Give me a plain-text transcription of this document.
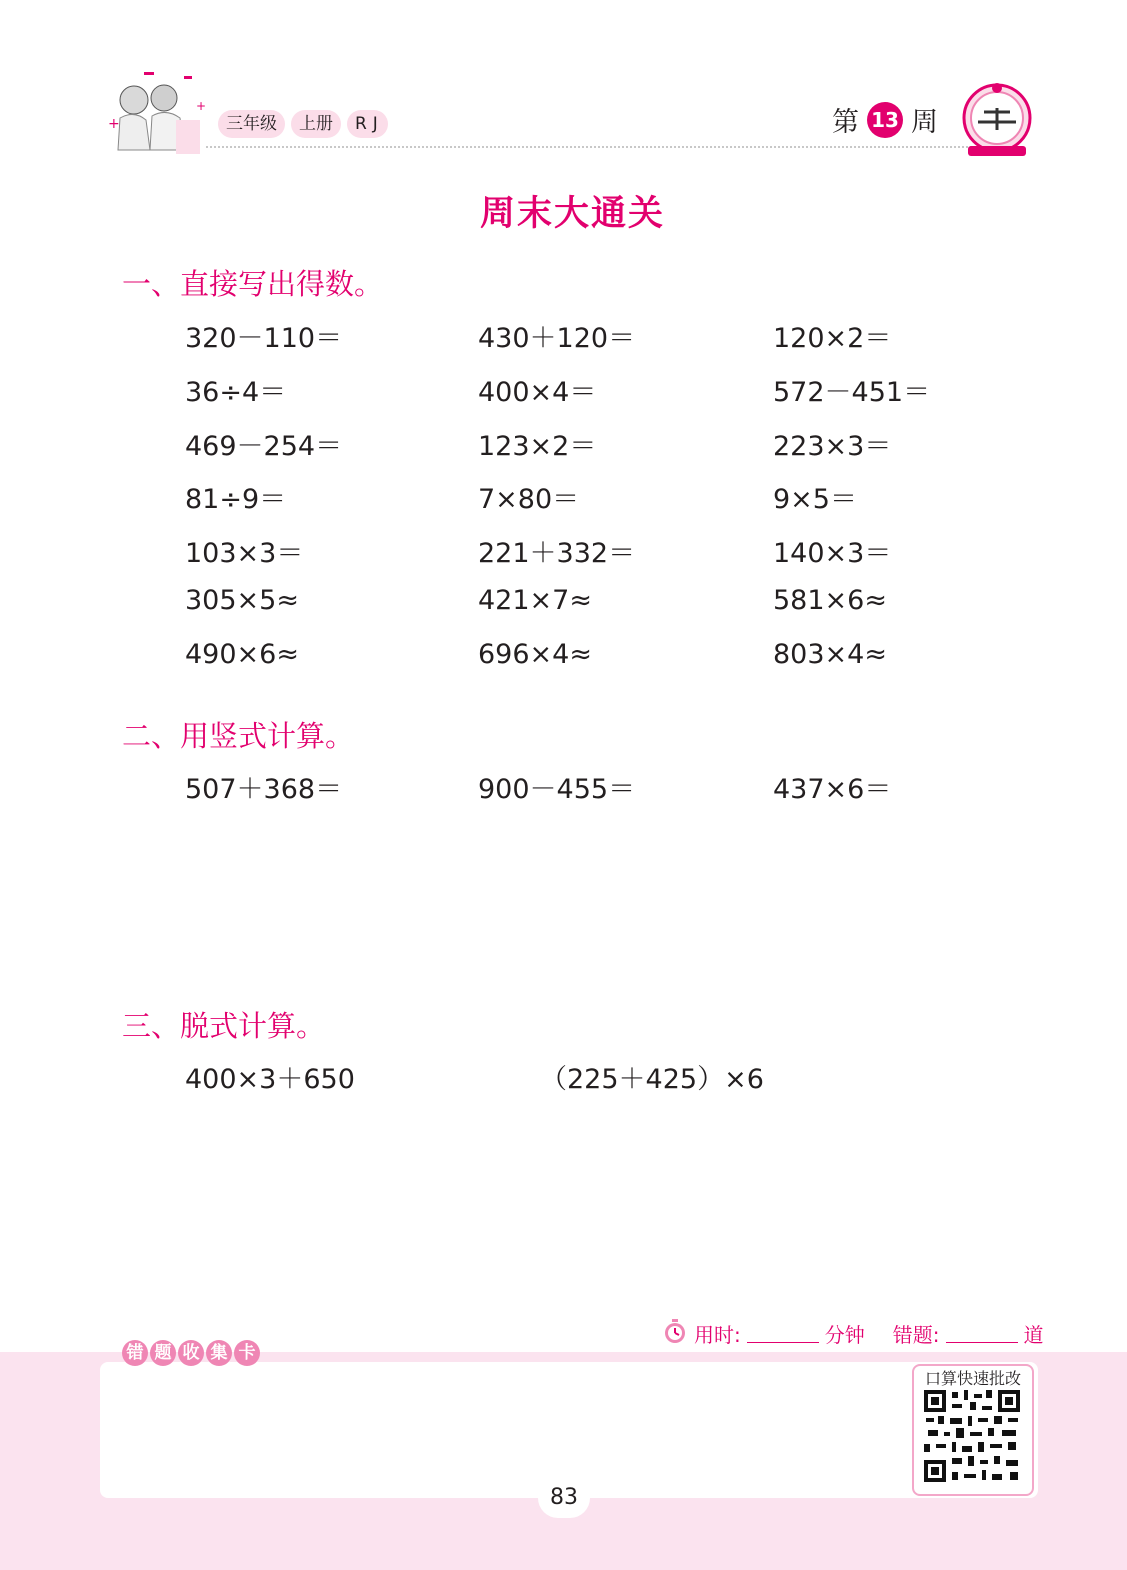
+
+
三年级	上册	RJ	第 13 周
周末大通关
一、直接写出得数。
320－110＝	430＋120＝	120×2＝
36÷4＝	400×4＝	572－451＝
469－254＝	123×2＝	223×3＝
81÷9＝	7×80＝	9×5＝
103×3＝	221＋332＝	140×3＝
305×5≈	421×7≈	581×6≈
490×6≈	696×4≈	803×4≈
二、用竖式计算。
507＋368＝	900－455＝	437×6＝
三、脱式计算。
400×3＋650	（225＋425）×6
用时:	分钟 错题:	道
错 题 收 集 卡
口算快速批改
83
